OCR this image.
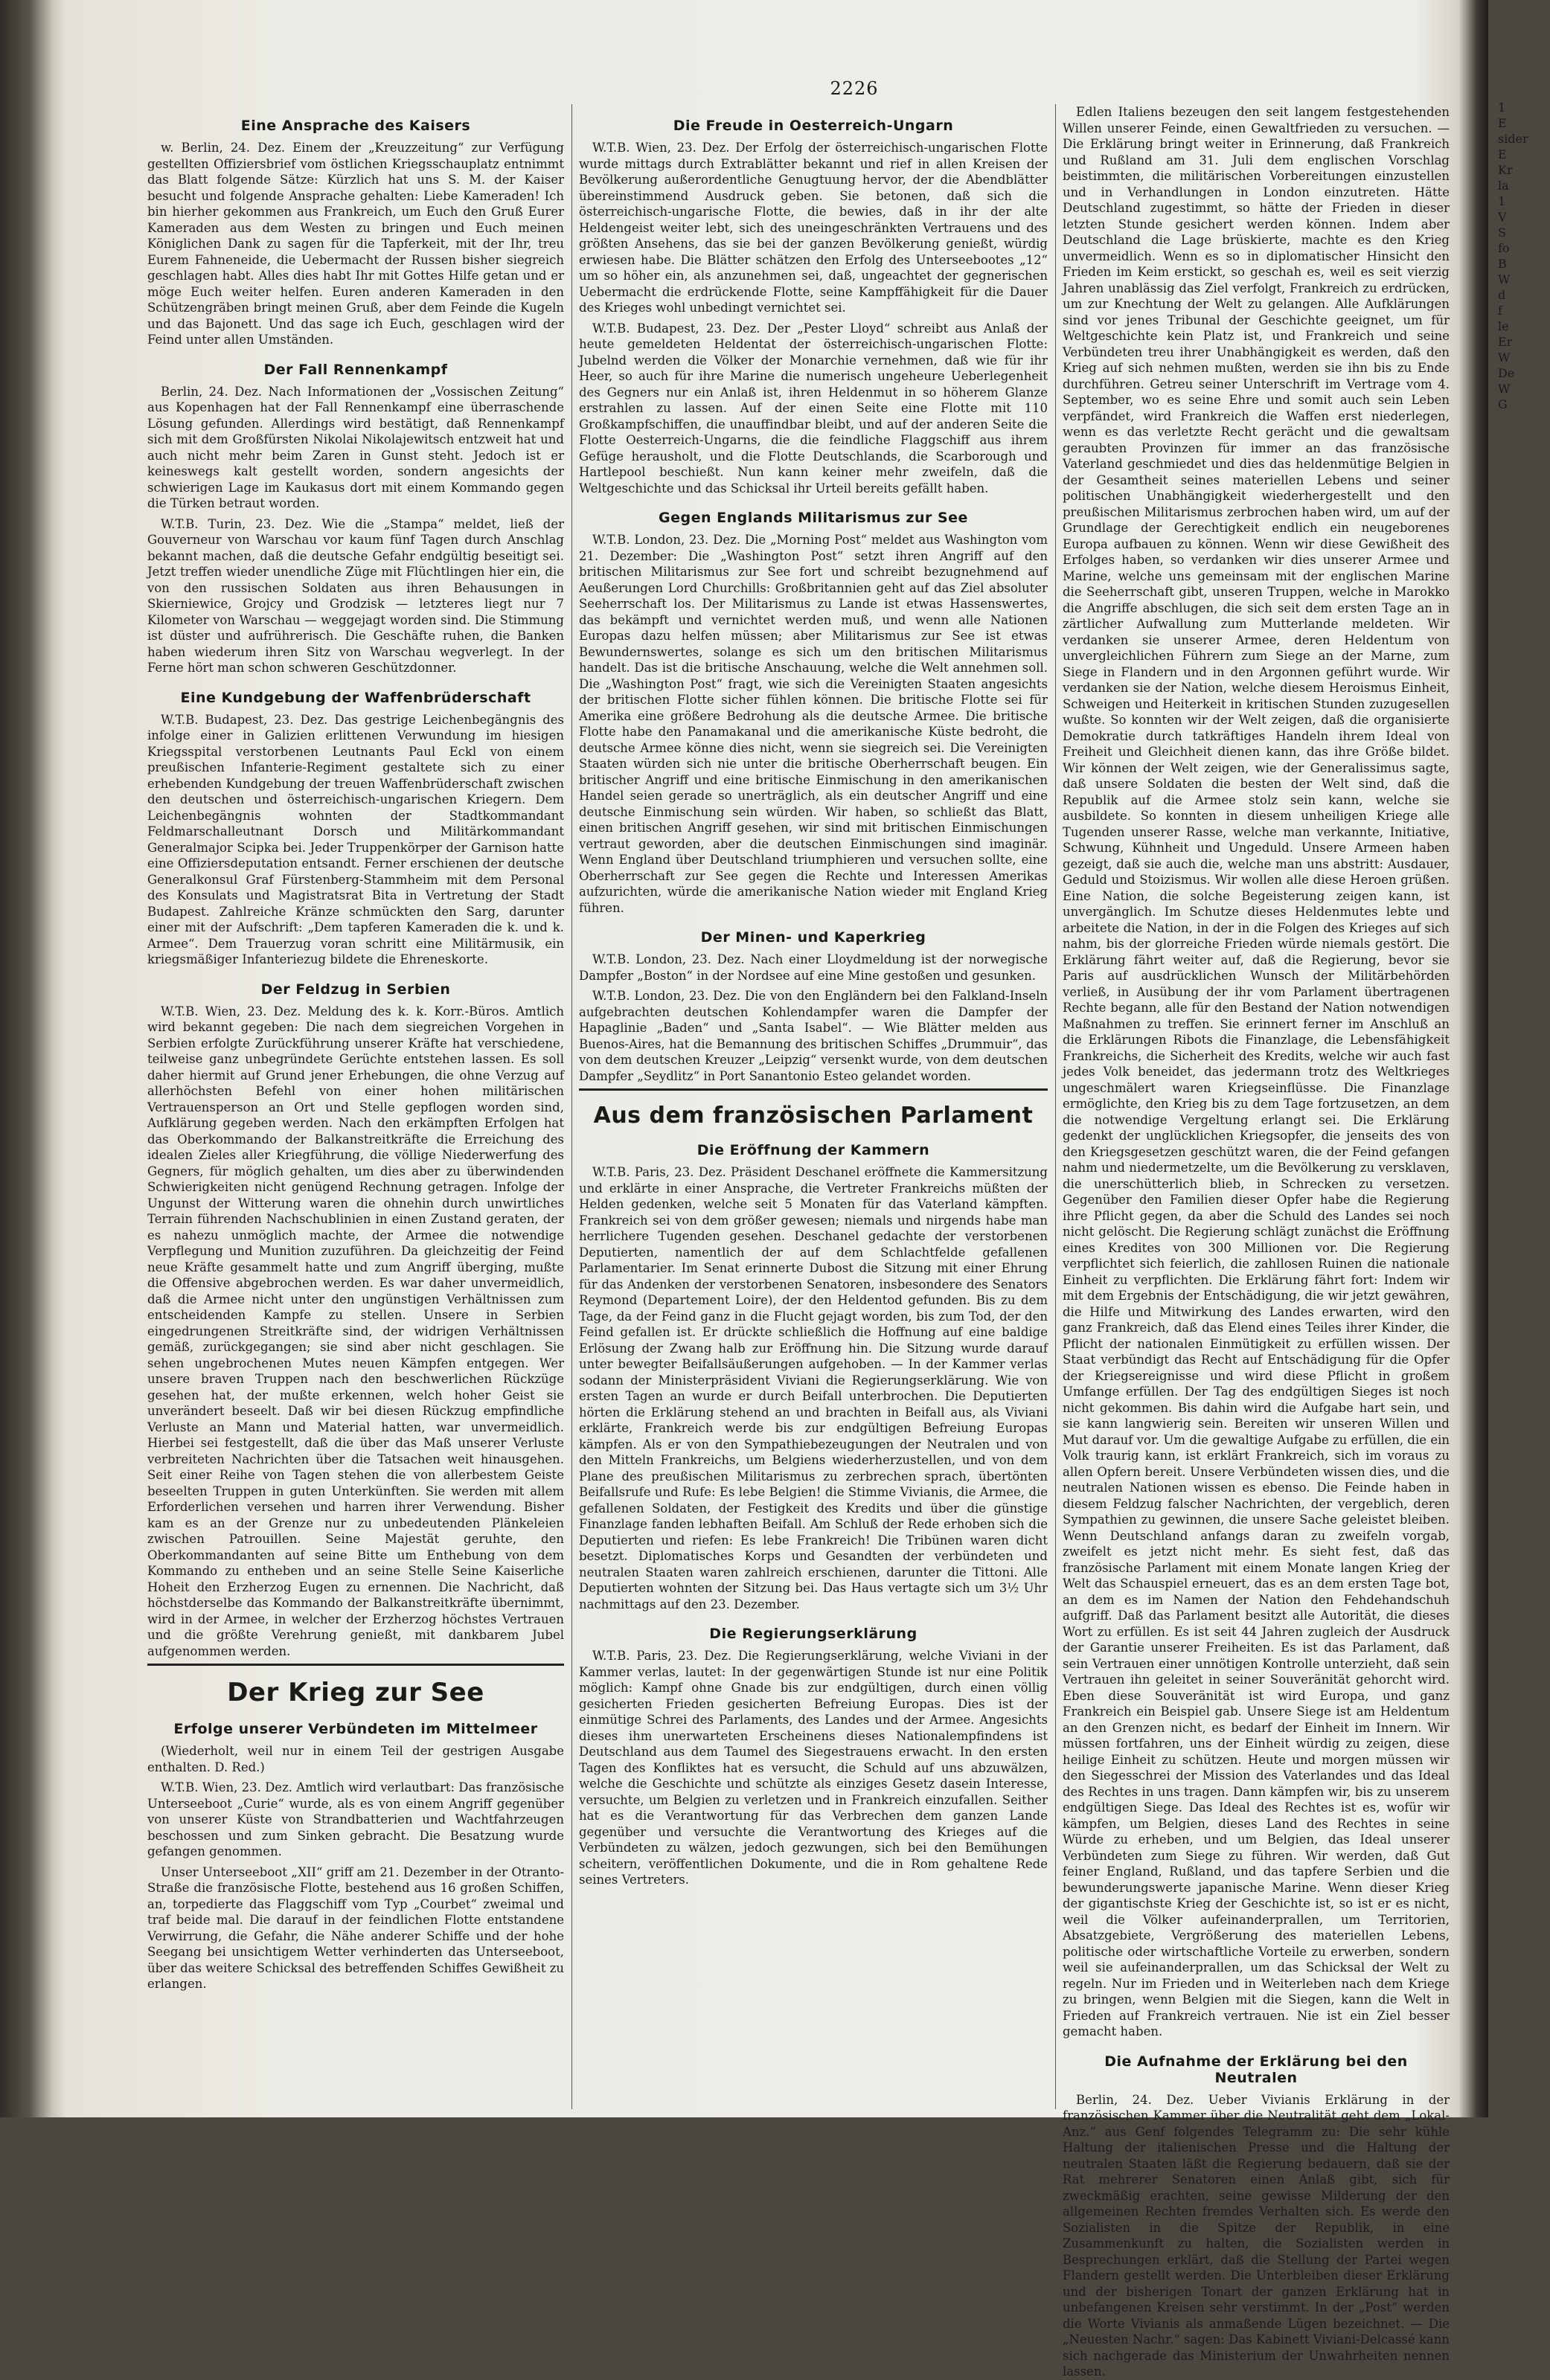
2226
Eine Ansprache des Kaisers

w. Berlin, 24. Dez. Einem der „Kreuzzeitung“ zur Verfügung gestellten Offiziersbrief vom östlichen Kriegsschauplatz entnimmt das Blatt folgende Sätze: Kürzlich hat uns S. M. der Kaiser besucht und folgende Ansprache gehalten: Liebe Kameraden! Ich bin hierher gekommen aus Frankreich, um Euch den Gruß Eurer Kameraden aus dem Westen zu bringen und Euch meinen Königlichen Dank zu sagen für die Tapferkeit, mit der Ihr, treu Eurem Fahneneide, die Uebermacht der Russen bisher siegreich geschlagen habt. Alles dies habt Ihr mit Gottes Hilfe getan und er möge Euch weiter helfen. Euren anderen Kameraden in den Schützengräben bringt meinen Gruß, aber dem Feinde die Kugeln und das Bajonett. Und das sage ich Euch, geschlagen wird der Feind unter allen Umständen.

Der Fall Rennenkampf

Berlin, 24. Dez. Nach Informationen der „Vossischen Zeitung“ aus Kopenhagen hat der Fall Rennenkampf eine überraschende Lösung gefunden. Allerdings wird bestätigt, daß Rennenkampf sich mit dem Großfürsten Nikolai Nikolajewitsch entzweit hat und auch nicht mehr beim Zaren in Gunst steht. Jedoch ist er keineswegs kalt gestellt worden, sondern angesichts der schwierigen Lage im Kaukasus dort mit einem Kommando gegen die Türken betraut worden.

W.T.B. Turin, 23. Dez. Wie die „Stampa“ meldet, ließ der Gouverneur von Warschau vor kaum fünf Tagen durch Anschlag bekannt machen, daß die deutsche Gefahr endgültig beseitigt sei. Jetzt treffen wieder unendliche Züge mit Flüchtlingen hier ein, die von den russischen Soldaten aus ihren Behausungen in Skierniewice, Grojcy und Grodzisk — letzteres liegt nur 7 Kilometer von Warschau — weggejagt worden sind. Die Stimmung ist düster und aufrührerisch. Die Geschäfte ruhen, die Banken haben wiederum ihren Sitz von Warschau wegverlegt. In der Ferne hört man schon schweren Geschützdonner.

Eine Kundgebung der Waffenbrüderschaft

W.T.B. Budapest, 23. Dez. Das gestrige Leichenbegängnis des infolge einer in Galizien erlittenen Verwundung im hiesigen Kriegsspital verstorbenen Leutnants Paul Eckl von einem preußischen Infanterie-Regiment gestaltete sich zu einer erhebenden Kundgebung der treuen Waffenbrüderschaft zwischen den deutschen und österreichisch-ungarischen Kriegern. Dem Leichenbegängnis wohnten der Stadtkommandant Feldmarschalleutnant Dorsch und Militärkommandant Generalmajor Scipka bei. Jeder Truppenkörper der Garnison hatte eine Offiziersdeputation entsandt. Ferner erschienen der deutsche Generalkonsul Graf Fürstenberg-Stammheim mit dem Personal des Konsulats und Magistratsrat Bita in Vertretung der Stadt Budapest. Zahlreiche Kränze schmückten den Sarg, darunter einer mit der Aufschrift: „Dem tapferen Kameraden die k. und k. Armee“. Dem Trauerzug voran schritt eine Militärmusik, ein kriegsmäßiger Infanteriezug bildete die Ehreneskorte.

Der Feldzug in Serbien

W.T.B. Wien, 23. Dez. Meldung des k. k. Korr.-Büros. Amtlich wird bekannt gegeben: Die nach dem siegreichen Vorgehen in Serbien erfolgte Zurückführung unserer Kräfte hat verschiedene, teilweise ganz unbegründete Gerüchte entstehen lassen. Es soll daher hiermit auf Grund jener Erhebungen, die ohne Verzug auf allerhöchsten Befehl von einer hohen militärischen Vertrauensperson an Ort und Stelle gepflogen worden sind, Aufklärung gegeben werden. Nach den erkämpften Erfolgen hat das Oberkommando der Balkanstreitkräfte die Erreichung des idealen Zieles aller Kriegführung, die völlige Niederwerfung des Gegners, für möglich gehalten, um dies aber zu überwindenden Schwierigkeiten nicht genügend Rechnung getragen. Infolge der Ungunst der Witterung waren die ohnehin durch unwirtliches Terrain führenden Nachschublinien in einen Zustand geraten, der es nahezu unmöglich machte, der Armee die notwendige Verpflegung und Munition zuzuführen. Da gleichzeitig der Feind neue Kräfte gesammelt hatte und zum Angriff überging, mußte die Offensive abgebrochen werden. Es war daher unvermeidlich, daß die Armee nicht unter den ungünstigen Verhältnissen zum entscheidenden Kampfe zu stellen. Unsere in Serbien eingedrungenen Streitkräfte sind, der widrigen Verhältnissen gemäß, zurückgegangen; sie sind aber nicht geschlagen. Sie sehen ungebrochenen Mutes neuen Kämpfen entgegen. Wer unsere braven Truppen nach den beschwerlichen Rückzüge gesehen hat, der mußte erkennen, welch hoher Geist sie unverändert beseelt. Daß wir bei diesen Rückzug empfindliche Verluste an Mann und Material hatten, war unvermeidlich. Hierbei sei festgestellt, daß die über das Maß unserer Verluste verbreiteten Nachrichten über die Tatsachen weit hinausgehen. Seit einer Reihe von Tagen stehen die von allerbestem Geiste beseelten Truppen in guten Unterkünften. Sie werden mit allem Erforderlichen versehen und harren ihrer Verwendung. Bisher kam es an der Grenze nur zu unbedeutenden Plänkeleien zwischen Patrouillen. Seine Majestät geruhte, den Oberkommandanten auf seine Bitte um Enthebung von dem Kommando zu entheben und an seine Stelle Seine Kaiserliche Hoheit den Erzherzog Eugen zu ernennen. Die Nachricht, daß höchstderselbe das Kommando der Balkanstreitkräfte übernimmt, wird in der Armee, in welcher der Erzherzog höchstes Vertrauen und die größte Verehrung genießt, mit dankbarem Jubel aufgenommen werden.

Der Krieg zur See
Erfolge unserer Verbündeten im Mittelmeer

(Wiederholt, weil nur in einem Teil der gestrigen Ausgabe enthalten. D. Red.)

W.T.B. Wien, 23. Dez. Amtlich wird verlautbart: Das französische Unterseeboot „Curie“ wurde, als es von einem Angriff gegenüber von unserer Küste von Strandbatterien und Wachtfahrzeugen beschossen und zum Sinken gebracht. Die Besatzung wurde gefangen genommen.

Unser Unterseeboot „XII“ griff am 21. Dezember in der Otranto-Straße die französische Flotte, bestehend aus 16 großen Schiffen, an, torpedierte das Flaggschiff vom Typ „Courbet“ zweimal und traf beide mal. Die darauf in der feindlichen Flotte entstandene Verwirrung, die Gefahr, die Nähe anderer Schiffe und der hohe Seegang bei unsichtigem Wetter verhinderten das Unterseeboot, über das weitere Schicksal des betreffenden Schiffes Gewißheit zu erlangen.

Die Freude in Oesterreich-Ungarn

W.T.B. Wien, 23. Dez. Der Erfolg der österreichisch-ungarischen Flotte wurde mittags durch Extrablätter bekannt und rief in allen Kreisen der Bevölkerung außerordentliche Genugtuung hervor, der die Abendblätter übereinstimmend Ausdruck geben. Sie betonen, daß sich die österreichisch-ungarische Flotte, die bewies, daß in ihr der alte Heldengeist weiter lebt, sich des uneingeschränkten Vertrauens und des größten Ansehens, das sie bei der ganzen Bevölkerung genießt, würdig erwiesen habe. Die Blätter schätzen den Erfolg des Unterseebootes „12“ um so höher ein, als anzunehmen sei, daß, ungeachtet der gegnerischen Uebermacht die erdrückende Flotte, seine Kampffähigkeit für die Dauer des Krieges wohl unbedingt vernichtet sei.

W.T.B. Budapest, 23. Dez. Der „Pester Lloyd“ schreibt aus Anlaß der heute gemeldeten Heldentat der österreichisch-ungarischen Flotte: Jubelnd werden die Völker der Monarchie vernehmen, daß wie für ihr Heer, so auch für ihre Marine die numerisch ungeheure Ueberlegenheit des Gegners nur ein Anlaß ist, ihren Heldenmut in so höherem Glanze erstrahlen zu lassen. Auf der einen Seite eine Flotte mit 110 Großkampfschiffen, die unauffindbar bleibt, und auf der anderen Seite die Flotte Oesterreich-Ungarns, die die feindliche Flaggschiff aus ihrem Gefüge herausholt, und die Flotte Deutschlands, die Scarborough und Hartlepool beschießt. Nun kann keiner mehr zweifeln, daß die Weltgeschichte und das Schicksal ihr Urteil bereits gefällt haben.

Gegen Englands Militarismus zur See

W.T.B. London, 23. Dez. Die „Morning Post“ meldet aus Washington vom 21. Dezember: Die „Washington Post“ setzt ihren Angriff auf den britischen Militarismus zur See fort und schreibt bezugnehmend auf Aeußerungen Lord Churchills: Großbritannien geht auf das Ziel absoluter Seeherrschaft los. Der Militarismus zu Lande ist etwas Hassenswertes, das bekämpft und vernichtet werden muß, und wenn alle Nationen Europas dazu helfen müssen; aber Militarismus zur See ist etwas Bewundernswertes, solange es sich um den britischen Militarismus handelt. Das ist die britische Anschauung, welche die Welt annehmen soll. Die „Washington Post“ fragt, wie sich die Vereinigten Staaten angesichts der britischen Flotte sicher fühlen können. Die britische Flotte sei für Amerika eine größere Bedrohung als die deutsche Armee. Die britische Flotte habe den Panamakanal und die amerikanische Küste bedroht, die deutsche Armee könne dies nicht, wenn sie siegreich sei. Die Vereinigten Staaten würden sich nie unter die britische Oberherrschaft beugen. Ein britischer Angriff und eine britische Einmischung in den amerikanischen Handel seien gerade so unerträglich, als ein deutscher Angriff und eine deutsche Einmischung sein würden. Wir haben, so schließt das Blatt, einen britischen Angriff gesehen, wir sind mit britischen Einmischungen vertraut geworden, aber die deutschen Einmischungen sind imaginär. Wenn England über Deutschland triumphieren und versuchen sollte, eine Oberherrschaft zur See gegen die Rechte und Interessen Amerikas aufzurichten, würde die amerikanische Nation wieder mit England Krieg führen.

Der Minen- und Kaperkrieg

W.T.B. London, 23. Dez. Nach einer Lloydmeldung ist der norwegische Dampfer „Boston“ in der Nordsee auf eine Mine gestoßen und gesunken.

W.T.B. London, 23. Dez. Die von den Engländern bei den Falkland-Inseln aufgebrachten deutschen Kohlendampfer waren die Dampfer der Hapaglinie „Baden“ und „Santa Isabel“. — Wie Blätter melden aus Buenos-Aires, hat die Bemannung des britischen Schiffes „Drummuir“, das von dem deutschen Kreuzer „Leipzig“ versenkt wurde, von dem deutschen Dampfer „Seydlitz“ in Port Sanantonio Esteo gelandet worden.

Aus dem französischen Parlament
Die Eröffnung der Kammern

W.T.B. Paris, 23. Dez. Präsident Deschanel eröffnete die Kammersitzung und erklärte in einer Ansprache, die Vertreter Frankreichs müßten der Helden gedenken, welche seit 5 Monaten für das Vaterland kämpften. Frankreich sei von dem größer gewesen; niemals und nirgends habe man herrlichere Tugenden gesehen. Deschanel gedachte der verstorbenen Deputierten, namentlich der auf dem Schlachtfelde gefallenen Parlamentarier. Im Senat erinnerte Dubost die Sitzung mit einer Ehrung für das Andenken der verstorbenen Senatoren, insbesondere des Senators Reymond (Departement Loire), der den Heldentod gefunden. Bis zu dem Tage, da der Feind ganz in die Flucht gejagt worden, bis zum Tod, der den Feind gefallen ist. Er drückte schließlich die Hoffnung auf eine baldige Erlösung der Zwang halb zur Eröffnung hin. Die Sitzung wurde darauf unter bewegter Beifallsäußerungen aufgehoben. — In der Kammer verlas sodann der Ministerpräsident Viviani die Regierungserklärung. Wie von ersten Tagen an wurde er durch Beifall unterbrochen. Die Deputierten hörten die Erklärung stehend an und brachten in Beifall aus, als Viviani erklärte, Frankreich werde bis zur endgültigen Befreiung Europas kämpfen. Als er von den Sympathiebezeugungen der Neutralen und von den Mitteln Frankreichs, um Belgiens wiederherzustellen, und von dem Plane des preußischen Militarismus zu zerbrechen sprach, übertönten Beifallsrufe und Rufe: Es lebe Belgien! die Stimme Vivianis, die Armee, die gefallenen Soldaten, der Festigkeit des Kredits und über die günstige Finanzlage fanden lebhaften Beifall. Am Schluß der Rede erhoben sich die Deputierten und riefen: Es lebe Frankreich! Die Tribünen waren dicht besetzt. Diplomatisches Korps und Gesandten der verbündeten und neutralen Staaten waren zahlreich erschienen, darunter die Tittoni. Alle Deputierten wohnten der Sitzung bei. Das Haus vertagte sich um 3½ Uhr nachmittags auf den 23. Dezember.

Die Regierungserklärung

W.T.B. Paris, 23. Dez. Die Regierungserklärung, welche Viviani in der Kammer verlas, lautet: In der gegenwärtigen Stunde ist nur eine Politik möglich: Kampf ohne Gnade bis zur endgültigen, durch einen völlig gesicherten Frieden gesicherten Befreiung Europas. Dies ist der einmütige Schrei des Parlaments, des Landes und der Armee. Angesichts dieses ihm unerwarteten Erscheinens dieses Nationalempfindens ist Deutschland aus dem Taumel des Siegestrauens erwacht. In den ersten Tagen des Konfliktes hat es versucht, die Schuld auf uns abzuwälzen, welche die Geschichte und schützte als einziges Gesetz dasein Interesse, versuchte, um Belgien zu verletzen und in Frankreich einzufallen. Seither hat es die Verantwortung für das Verbrechen dem ganzen Lande gegenüber und versuchte die Verantwortung des Krieges auf die Verbündeten zu wälzen, jedoch gezwungen, sich bei den Bemühungen scheitern, veröffentlichen Dokumente, und die in Rom gehaltene Rede seines Vertreters.

Edlen Italiens bezeugen den seit langem festgestehenden Willen unserer Feinde, einen Gewaltfrieden zu versuchen. — Die Erklärung bringt weiter in Erinnerung, daß Frankreich und Rußland am 31. Juli dem englischen Vorschlag beistimmten, die militärischen Vorbereitungen einzustellen und in Verhandlungen in London einzutreten. Hätte Deutschland zugestimmt, so hätte der Frieden in dieser letzten Stunde gesichert werden können. Indem aber Deutschland die Lage brüskierte, machte es den Krieg unvermeidlich. Wenn es so in diplomatischer Hinsicht den Frieden im Keim erstickt, so geschah es, weil es seit vierzig Jahren unablässig das Ziel verfolgt, Frankreich zu erdrücken, um zur Knechtung der Welt zu gelangen. Alle Aufklärungen sind vor jenes Tribunal der Geschichte geeignet, um für Weltgeschichte kein Platz ist, und Frankreich und seine Verbündeten treu ihrer Unabhängigkeit es werden, daß den Krieg auf sich nehmen mußten, werden sie ihn bis zu Ende durchführen. Getreu seiner Unterschrift im Vertrage vom 4. September, wo es seine Ehre und somit auch sein Leben verpfändet, wird Frankreich die Waffen erst niederlegen, wenn es das verletzte Recht gerächt und die gewaltsam geraubten Provinzen für immer an das französische Vaterland geschmiedet und dies das heldenmütige Belgien in der Gesamtheit seines materiellen Lebens und seiner politischen Unabhängigkeit wiederhergestellt und den preußischen Militarismus zerbrochen haben wird, um auf der Grundlage der Gerechtigkeit endlich ein neugeborenes Europa aufbauen zu können. Wenn wir diese Gewißheit des Erfolges haben, so verdanken wir dies unserer Armee und Marine, welche uns gemeinsam mit der englischen Marine die Seeherrschaft gibt, unseren Truppen, welche in Marokko die Angriffe abschlugen, die sich seit dem ersten Tage an in zärtlicher Aufwallung zum Mutterlande meldeten. Wir verdanken sie unserer Armee, deren Heldentum von unvergleichlichen Führern zum Siege an der Marne, zum Siege in Flandern und in den Argonnen geführt wurde. Wir verdanken sie der Nation, welche diesem Heroismus Einheit, Schweigen und Heiterkeit in kritischen Stunden zuzugesellen wußte. So konnten wir der Welt zeigen, daß die organisierte Demokratie durch tatkräftiges Handeln ihrem Ideal von Freiheit und Gleichheit dienen kann, das ihre Größe bildet. Wir können der Welt zeigen, wie der Generalissimus sagte, daß unsere Soldaten die besten der Welt sind, daß die Republik auf die Armee stolz sein kann, welche sie ausbildete. So konnten in diesem unheiligen Kriege alle Tugenden unserer Rasse, welche man verkannte, Initiative, Schwung, Kühnheit und Ungeduld. Unsere Armeen haben gezeigt, daß sie auch die, welche man uns abstritt: Ausdauer, Geduld und Stoizismus. Wir wollen alle diese Heroen grüßen. Eine Nation, die solche Begeisterung zeigen kann, ist unvergänglich. Im Schutze dieses Heldenmutes lebte und arbeitete die Nation, in der in die Folgen des Krieges auf sich nahm, bis der glorreiche Frieden würde niemals gestört. Die Erklärung fährt weiter auf, daß die Regierung, bevor sie Paris auf ausdrücklichen Wunsch der Militärbehörden verließ, in Ausübung der ihr vom Parlament übertragenen Rechte begann, alle für den Bestand der Nation notwendigen Maßnahmen zu treffen. Sie erinnert ferner im Anschluß an die Erklärungen Ribots die Finanzlage, die Lebensfähigkeit Frankreichs, die Sicherheit des Kredits, welche wir auch fast jedes Volk beneidet, das jedermann trotz des Weltkrieges ungeschmälert waren Kriegseinflüsse. Die Finanzlage ermöglichte, den Krieg bis zu dem Tage fortzusetzen, an dem die notwendige Vergeltung erlangt sei. Die Erklärung gedenkt der unglücklichen Kriegsopfer, die jenseits des von den Kriegsgesetzen geschützt waren, die der Feind gefangen nahm und niedermetzelte, um die Bevölkerung zu versklaven, die unerschütterlich blieb, in Schrecken zu versetzen. Gegenüber den Familien dieser Opfer habe die Regierung ihre Pflicht gegen, da aber die Schuld des Landes sei noch nicht gelöscht. Die Regierung schlägt zunächst die Eröffnung eines Kredites von 300 Millionen vor. Die Regierung verpflichtet sich feierlich, die zahllosen Ruinen die nationale Einheit zu verpflichten. Die Erklärung fährt fort: Indem wir mit dem Ergebnis der Entschädigung, die wir jetzt gewähren, die Hilfe und Mitwirkung des Landes erwarten, wird den ganz Frankreich, daß das Elend eines Teiles ihrer Kinder, die Pflicht der nationalen Einmütigkeit zu erfüllen wissen. Der Staat verbündigt das Recht auf Entschädigung für die Opfer der Kriegsereignisse und wird diese Pflicht in großem Umfange erfüllen. Der Tag des endgültigen Sieges ist noch nicht gekommen. Bis dahin wird die Aufgabe hart sein, und sie kann langwierig sein. Bereiten wir unseren Willen und Mut darauf vor. Um die gewaltige Aufgabe zu erfüllen, die ein Volk traurig kann, ist erklärt Frankreich, sich im voraus zu allen Opfern bereit. Unsere Verbündeten wissen dies, und die neutralen Nationen wissen es ebenso. Die Feinde haben in diesem Feldzug falscher Nachrichten, der vergeblich, deren Sympathien zu gewinnen, die unsere Sache geleistet bleiben. Wenn Deutschland anfangs daran zu zweifeln vorgab, zweifelt es jetzt nicht mehr. Es sieht fest, daß das französische Parlament mit einem Monate langen Krieg der Welt das Schauspiel erneuert, das es an dem ersten Tage bot, an dem es im Namen der Nation den Fehdehandschuh aufgriff. Daß das Parlament besitzt alle Autorität, die dieses Wort zu erfüllen. Es ist seit 44 Jahren zugleich der Ausdruck der Garantie unserer Freiheiten. Es ist das Parlament, daß sein Vertrauen einer unnötigen Kontrolle unterzieht, daß sein Vertrauen ihn geleitet in seiner Souveränität gehorcht wird. Eben diese Souveränität ist wird Europa, und ganz Frankreich ein Beispiel gab. Unsere Siege ist am Heldentum an den Grenzen nicht, es bedarf der Einheit im Innern. Wir müssen fortfahren, uns der Einheit würdig zu zeigen, diese heilige Einheit zu schützen. Heute und morgen müssen wir den Siegesschrei der Mission des Vaterlandes und das Ideal des Rechtes in uns tragen. Dann kämpfen wir, bis zu unserem endgültigen Siege. Das Ideal des Rechtes ist es, wofür wir kämpfen, um Belgien, dieses Land des Rechtes in seine Würde zu erheben, und um Belgien, das Ideal unserer Verbündeten zum Siege zu führen. Wir werden, daß Gut feiner England, Rußland, und das tapfere Serbien und die bewunderungswerte japanische Marine. Wenn dieser Krieg der gigantischste Krieg der Geschichte ist, so ist er es nicht, weil die Völker aufeinanderprallen, um Territorien, Absatzgebiete, Vergrößerung des materiellen Lebens, politische oder wirtschaftliche Vorteile zu erwerben, sondern weil sie aufeinanderprallen, um das Schicksal der Welt zu regeln. Nur im Frieden und in Weiterleben nach dem Kriege zu bringen, wenn Belgien mit die Siegen, kann die Welt in Frieden auf Frankreich vertrauen. Nie ist ein Ziel besser gemacht haben.

Die Aufnahme der Erklärung bei den Neutralen

Berlin, 24. Dez. Ueber Vivianis Erklärung in der französischen Kammer über die Neutralität geht dem „Lokal-Anz.“ aus Genf folgendes Telegramm zu: Die sehr kühle Haltung der italienischen Presse und die Haltung der neutralen Staaten läßt die Regierung bedauern, daß sie der Rat mehrerer Senatoren einen Anlaß gibt, sich für zweckmäßig erachten, seine gewisse Milderung der den allgemeinen Rechten fremdes Verhalten sich. Es werde den Sozialisten in die Spitze der Republik, in eine Zusammenkunft zu halten, die Sozialisten werden in Besprechungen erklärt, daß die Stellung der Partei wegen Flandern gestellt werden. Die Unterbleiben dieser Erklärung und der bisherigen Tonart der ganzen Erklärung hat in unbefangenen Kreisen sehr verstimmt. In der „Post“ werden die Worte Vivianis als anmaßende Lügen bezeichnet. — Die „Neuesten Nachr.“ sagen: Das Kabinett Viviani-Delcassé kann sich nachgerade das Ministerium der Unwahrheiten nennen lassen.

1
E
sider
E
Kr
la
1
V
S
fo
B
W
d
f
le
Er
W
De
W
G
